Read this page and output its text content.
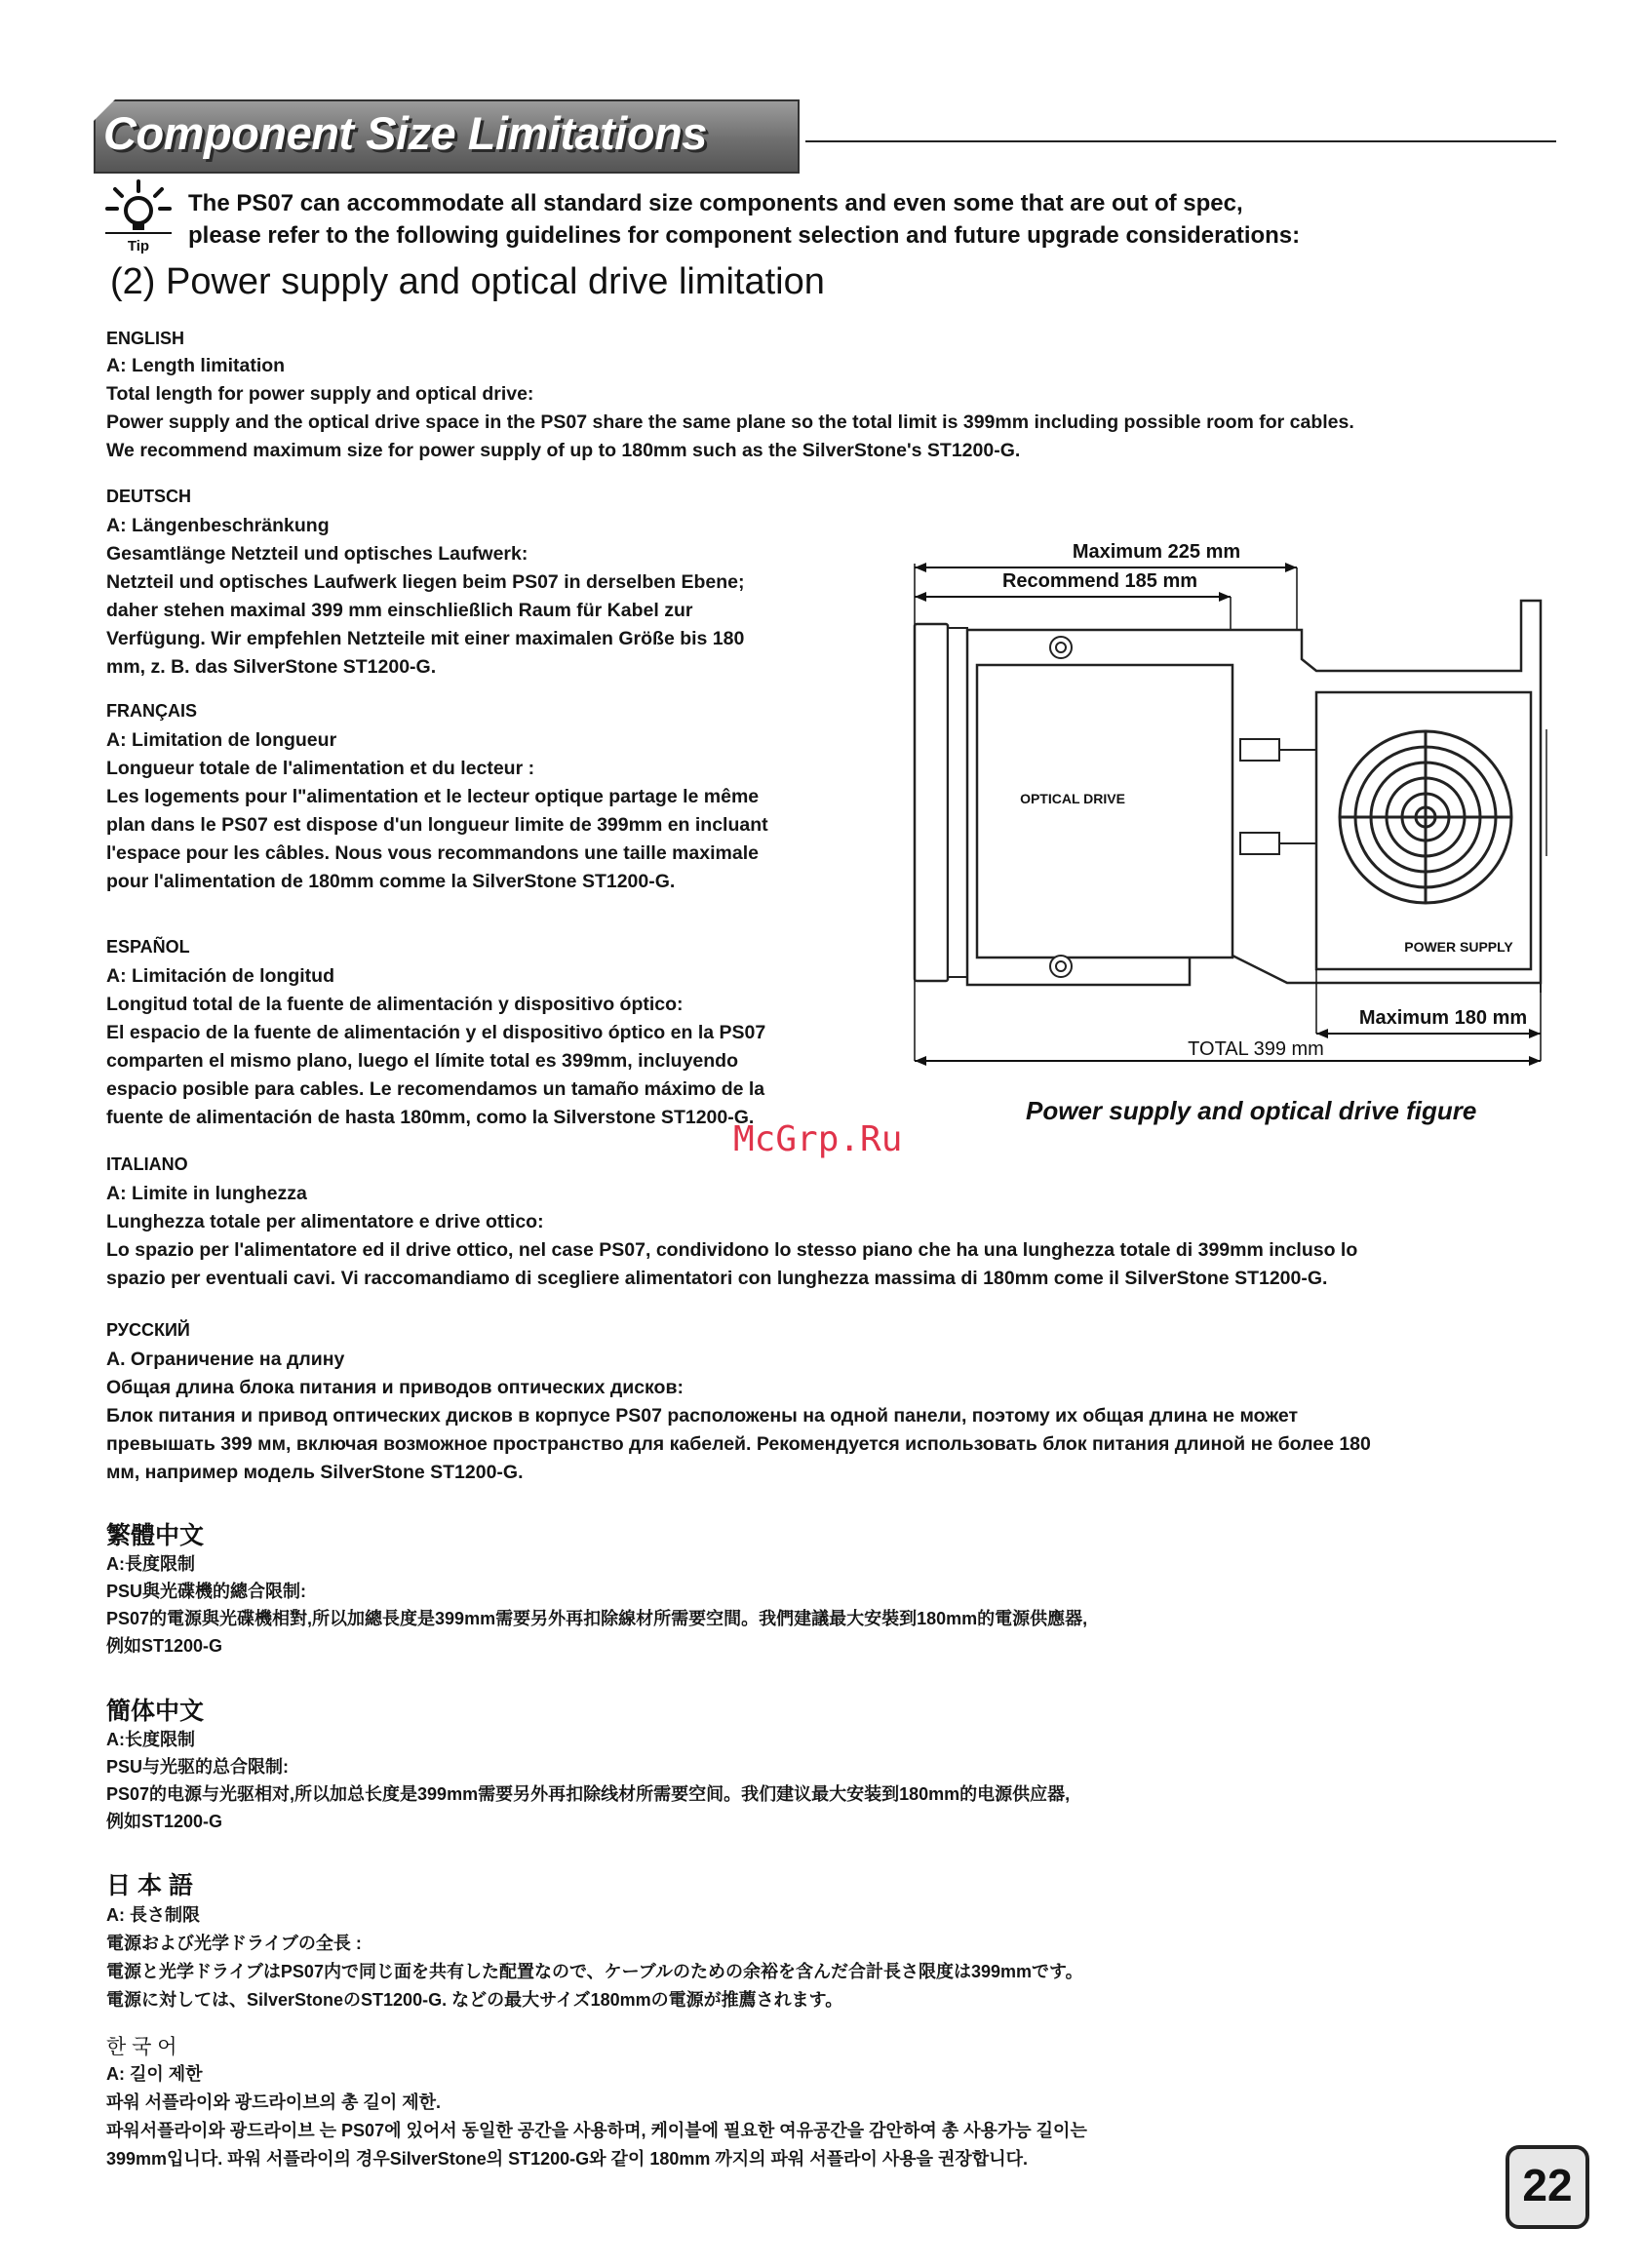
Component Size Limitations
Tip
The PS07 can accommodate all standard size components and even some that are out of spec,
please refer to the following guidelines for component selection and future upgrade considerations:
(2) Power supply and optical drive limitation
ENGLISH
A: Length limitation
Total length for power supply and optical drive:
Power supply and the optical drive space in the PS07 share the same plane so the total limit is 399mm including possible room for cables.
We recommend maximum size for power supply of up to 180mm such as the SilverStone's ST1200-G.
DEUTSCH
A: Längenbeschränkung
Gesamtlänge Netzteil und optisches Laufwerk:
Netzteil und optisches Laufwerk liegen beim PS07 in derselben Ebene;
daher stehen maximal 399 mm einschließlich Raum für Kabel zur
Verfügung. Wir empfehlen Netzteile mit einer maximalen Größe bis 180
mm, z. B. das SilverStone ST1200-G.
FRANÇAIS
A: Limitation de longueur
Longueur totale de l'alimentation et du lecteur :
Les logements pour l"alimentation et le lecteur optique partage le même
plan dans le PS07 est dispose d'un longueur limite de 399mm en incluant
l'espace pour les câbles. Nous vous recommandons une taille maximale
pour l'alimentation de 180mm comme la SilverStone ST1200-G.
ESPAÑOL
A: Limitación de longitud
Longitud total de la fuente de alimentación y dispositivo óptico:
El espacio de la fuente de alimentación y el dispositivo óptico en la PS07
comparten el mismo plano, luego el límite total es 399mm, incluyendo
espacio posible para cables. Le recomendamos un tamaño máximo de la
fuente de alimentación de hasta 180mm, como la Silverstone ST1200-G.
ITALIANO
A: Limite in lunghezza
Lunghezza totale per alimentatore e drive ottico:
Lo spazio per l'alimentatore ed il drive ottico, nel case PS07, condividono lo stesso piano che ha una lunghezza totale di 399mm incluso lo
spazio per eventuali cavi. Vi raccomandiamo di scegliere alimentatori con lunghezza massima di 180mm come il SilverStone ST1200-G.
РУССКИЙ
A. Ограничение на длину
Общая длина блока питания и приводов оптических дисков:
Блок питания и привод оптических дисков в корпусе PS07 расположены на одной панели, поэтому их общая длина не может
превышать 399 мм, включая возможное пространство для кабелей. Рекомендуется использовать блок питания длиной не более 180
мм, например модель SilverStone ST1200-G.
繁體中文
A:長度限制
PSU與光碟機的總合限制:
PS07的電源與光碟機相對,所以加總長度是399mm需要另外再扣除線材所需要空間。我們建議最大安裝到180mm的電源供應器,
例如ST1200-G
簡体中文
A:长度限制
PSU与光驱的总合限制:
PS07的电源与光驱相对,所以加总长度是399mm需要另外再扣除线材所需要空间。我们建议最大安装到180mm的电源供应器,
例如ST1200-G
日 本 語
A: 長さ制限
電源および光学ドライブの全長 :
電源と光学ドライブはPS07内で同じ面を共有した配置なので、ケーブルのための余裕を含んだ合計長さ限度は399mmです。
電源に対しては、SilverStoneのST1200-G. などの最大サイズ180mmの電源が推薦されます。
한 국 어
A: 길이 제한
파워 서플라이와 광드라이브의 총 길이 제한.
파워서플라이와 광드라이브 는 PS07에 있어서 동일한 공간을 사용하며, 케이블에 필요한 여유공간을 감안하여 총 사용가능 길이는
399mm입니다. 파워 서플라이의 경우SilverStone의 ST1200-G와 같이 180mm 까지의 파워 서플라이 사용을 권장합니다.
Maximum 225 mm
Recommend 185 mm
OPTICAL DRIVE
POWER SUPPLY
Maximum 180 mm
TOTAL 399 mm
Power supply and optical drive figure
McGrp.Ru
22
